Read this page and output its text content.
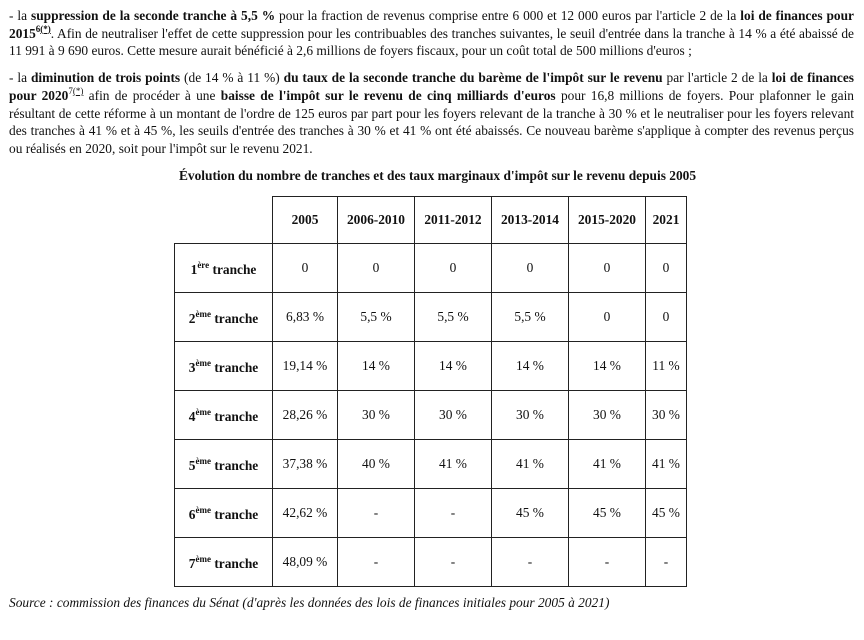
- la suppression de la seconde tranche à 5,5 % pour la fraction de revenus comprise entre 6 000 et 12 000 euros par l'article 2 de la loi de finances pour 2015$^{6(*)}$. Afin de neutraliser l'effet de cette suppression pour les contribuables des tranches suivantes, le seuil d'entrée dans la tranche à 14 % a été abaissé de 11 991 à 9 690 euros. Cette mesure aurait bénéficié à 2,6 millions de foyers fiscaux, pour un coût total de 500 millions d'euros ;

- la diminution de trois points (de 14 % à 11 %) du taux de la seconde tranche du barème de l'impôt sur le revenu par l'article 2 de la loi de finances pour 2020$^{7(*)}$ afin de procéder à une baisse de l'impôt sur le revenu de cinq milliards d'euros pour 16,8 millions de foyers. Pour plafonner le gain résultant de cette réforme à un montant de l'ordre de 125 euros par part pour les foyers relevant de la tranche à 30 % et le neutraliser pour les foyers relevant des tranches à 41 % et à 45 %, les seuils d'entrée des tranches à 30 % et 41 % ont été abaissés. Ce nouveau barème s'applique à compter des revenus perçus ou réalisés en 2020, soit pour l'impôt sur le revenu 2021.

Évolution du nombre de tranches et des taux marginaux d'impôt sur le revenu depuis 2005
	2005	2006-2010	2011-2012	2013-2014	2015-2020	2021
1ère tranche	0	0	0	0	0	0
2ème tranche	6,83 %	5,5 %	5,5 %	5,5 %	0	0
3ème tranche	19,14 %	14 %	14 %	14 %	14 %	11 %
4ème tranche	28,26 %	30 %	30 %	30 %	30 %	30 %
5ème tranche	37,38 %	40 %	41 %	41 %	41 %	41 %
6ème tranche	42,62 %	-	-	45 %	45 %	45 %
7ème tranche	48,09 %	-	-	-	-	-

Source : commission des finances du Sénat (d'après les données des lois de finances initiales pour 2005 à 2021)
